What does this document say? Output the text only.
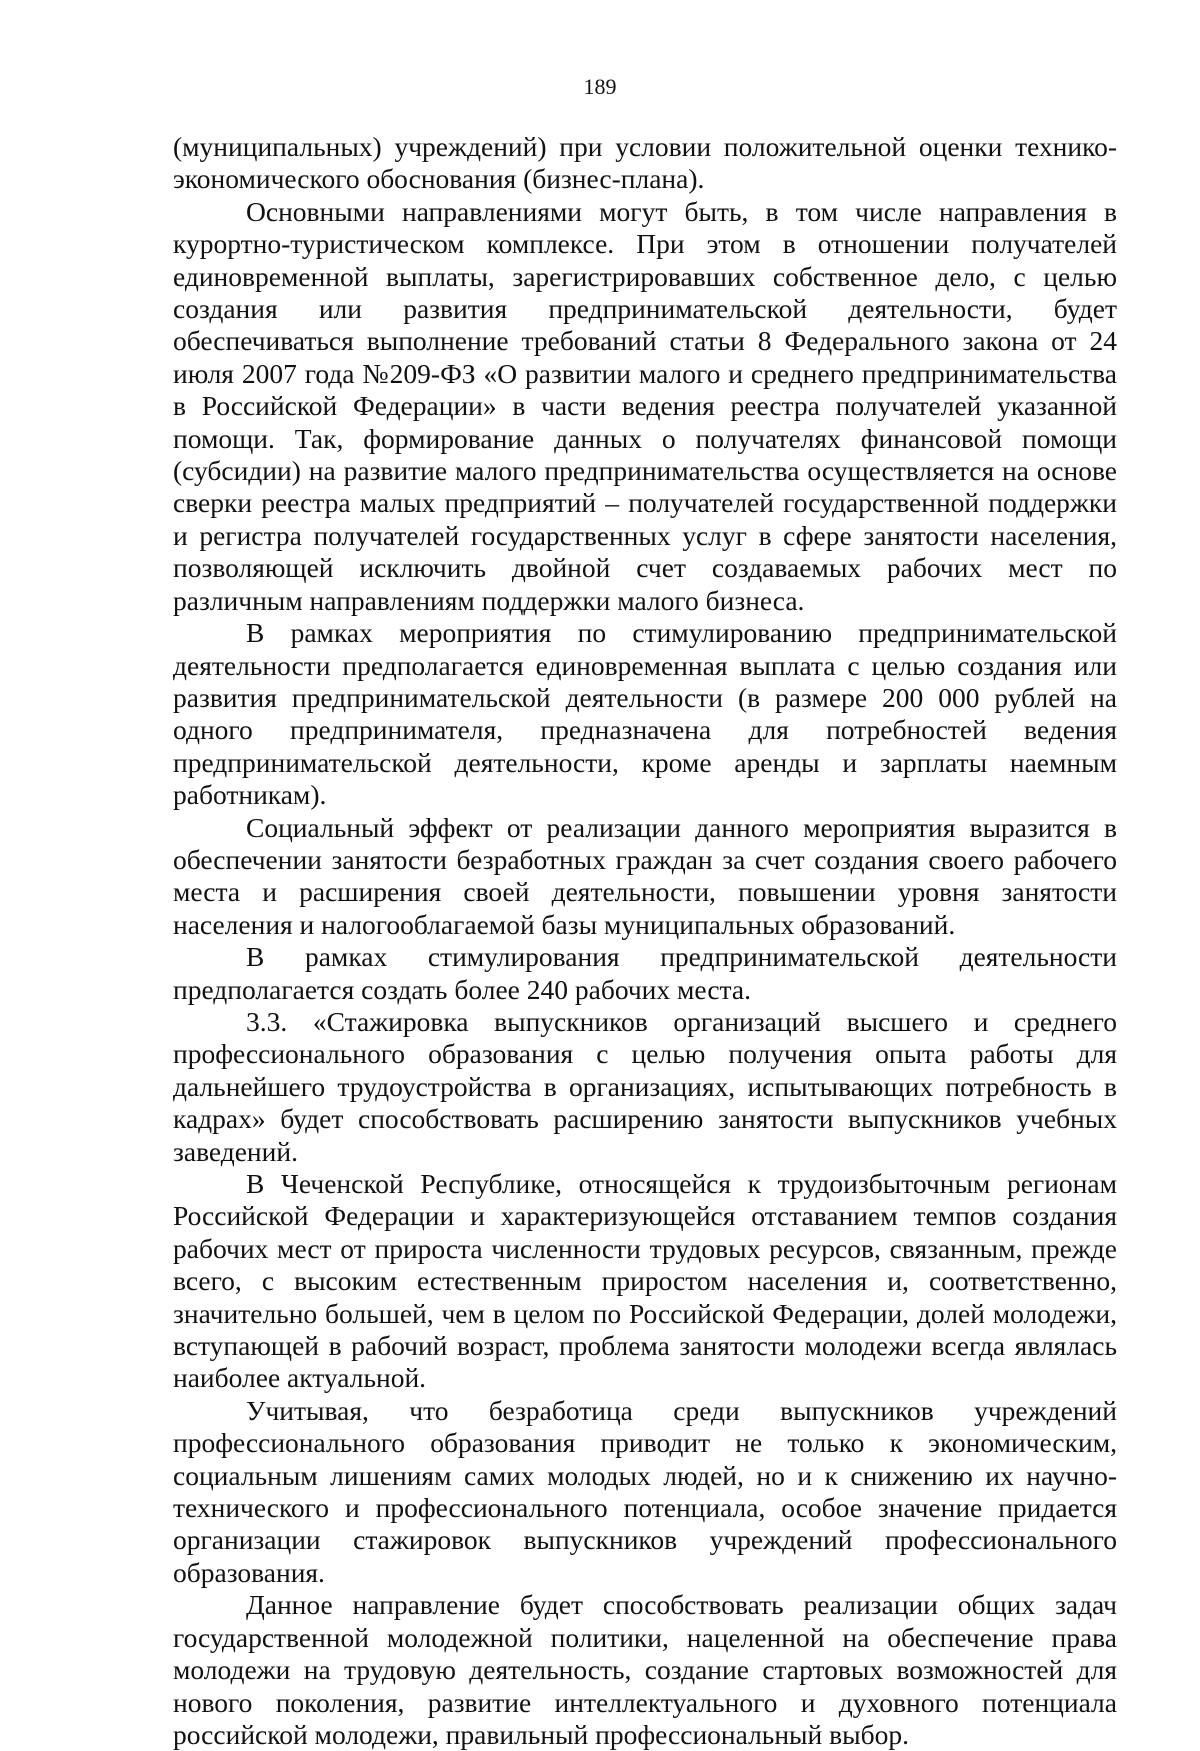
189

(муниципальных) учреждений) при условии положительной оценки технико-экономического обоснования (бизнес-плана).

Основными направлениями могут быть, в том числе направления в курортно-туристическом комплексе. При этом в отношении получателей единовременной выплаты, зарегистрировавших собственное дело, с целью создания или развития предпринимательской деятельности, будет обеспечиваться выполнение требований статьи 8 Федерального закона от 24 июля 2007 года №209-ФЗ «О развитии малого и среднего предпринимательства в Российской Федерации» в части ведения реестра получателей указанной помощи. Так, формирование данных о получателях финансовой помощи (субсидии) на развитие малого предпринимательства осуществляется на основе сверки реестра малых предприятий – получателей государственной поддержки и регистра получателей государственных услуг в сфере занятости населения, позволяющей исключить двойной счет создаваемых рабочих мест по различным направлениям поддержки малого бизнеса.

В рамках мероприятия по стимулированию предпринимательской деятельности предполагается единовременная выплата с целью создания или развития предпринимательской деятельности (в размере 200 000 рублей на одного предпринимателя, предназначена для потребностей ведения предпринимательской деятельности, кроме аренды и зарплаты наемным работникам).

Социальный эффект от реализации данного мероприятия выразится в обеспечении занятости безработных граждан за счет создания своего рабочего места и расширения своей деятельности, повышении уровня занятости населения и налогооблагаемой базы муниципальных образований.

В рамках стимулирования предпринимательской деятельности предполагается создать более 240 рабочих места.

3.3. «Стажировка выпускников организаций высшего и среднего профессионального образования с целью получения опыта работы для дальнейшего трудоустройства в организациях, испытывающих потребность в кадрах» будет способствовать расширению занятости выпускников учебных заведений.

В Чеченской Республике, относящейся к трудоизбыточным регионам Российской Федерации и характеризующейся отставанием темпов создания рабочих мест от прироста численности трудовых ресурсов, связанным, прежде всего, с высоким естественным приростом населения и, соответственно, значительно большей, чем в целом по Российской Федерации, долей молодежи, вступающей в рабочий возраст, проблема занятости молодежи всегда являлась наиболее актуальной.

Учитывая, что безработица среди выпускников учреждений профессионального образования приводит не только к экономическим, социальным лишениям самих молодых людей, но и к снижению их научно-технического и профессионального потенциала, особое значение придается организации стажировок выпускников учреждений профессионального образования.

Данное направление будет способствовать реализации общих задач государственной молодежной политики, нацеленной на обеспечение права молодежи на трудовую деятельность, создание стартовых возможностей для нового поколения, развитие интеллектуального и духовного потенциала российской молодежи, правильный профессиональный выбор.
